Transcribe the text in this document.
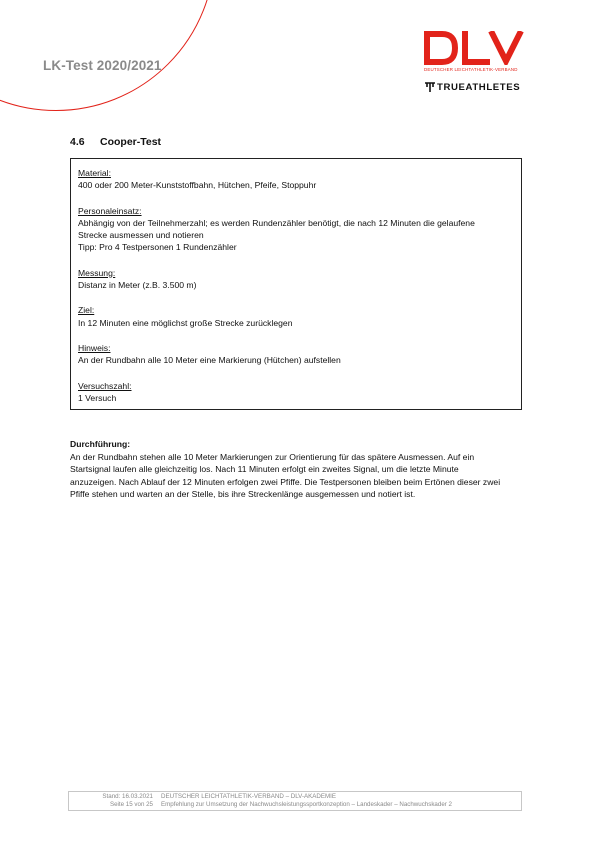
LK-Test 2020/2021	DEUTSCHER LEICHTATHLETIK-VERBAND
TRUEATHLETES
4.6	Cooper-Test
Material:
400 oder 200 Meter-Kunststoffbahn, Hütchen, Pfeife, Stoppuhr
Personaleinsatz:
Abhängig von der Teilnehmerzahl; es werden Rundenzähler benötigt, die nach 12 Minuten die gelaufene
Strecke ausmessen und notieren
Tipp: Pro 4 Testpersonen 1 Rundenzähler
Messung:
Distanz in Meter (z.B. 3.500 m)
Ziel:
In 12 Minuten eine möglichst große Strecke zurücklegen
Hinweis:
An der Rundbahn alle 10 Meter eine Markierung (Hütchen) aufstellen
Versuchszahl:
1 Versuch
Durchführung:
An der Rundbahn stehen alle 10 Meter Markierungen zur Orientierung für das spätere Ausmessen. Auf ein
Startsignal laufen alle gleichzeitig los. Nach 11 Minuten erfolgt ein zweites Signal, um die letzte Minute
anzuzeigen. Nach Ablauf der 12 Minuten erfolgen zwei Pfiffe. Die Testpersonen bleiben beim Ertönen dieser zwei
Pfiffe stehen und warten an der Stelle, bis ihre Streckenlänge ausgemessen und notiert ist.
Stand: 16.03.2021
Seite 15 von 25
DEUTSCHER LEICHTATHLETIK-VERBAND – DLV-AKADEMIE
Empfehlung zur Umsetzung der Nachwuchsleistungssportkonzeption – Landeskader – Nachwuchskader 2
